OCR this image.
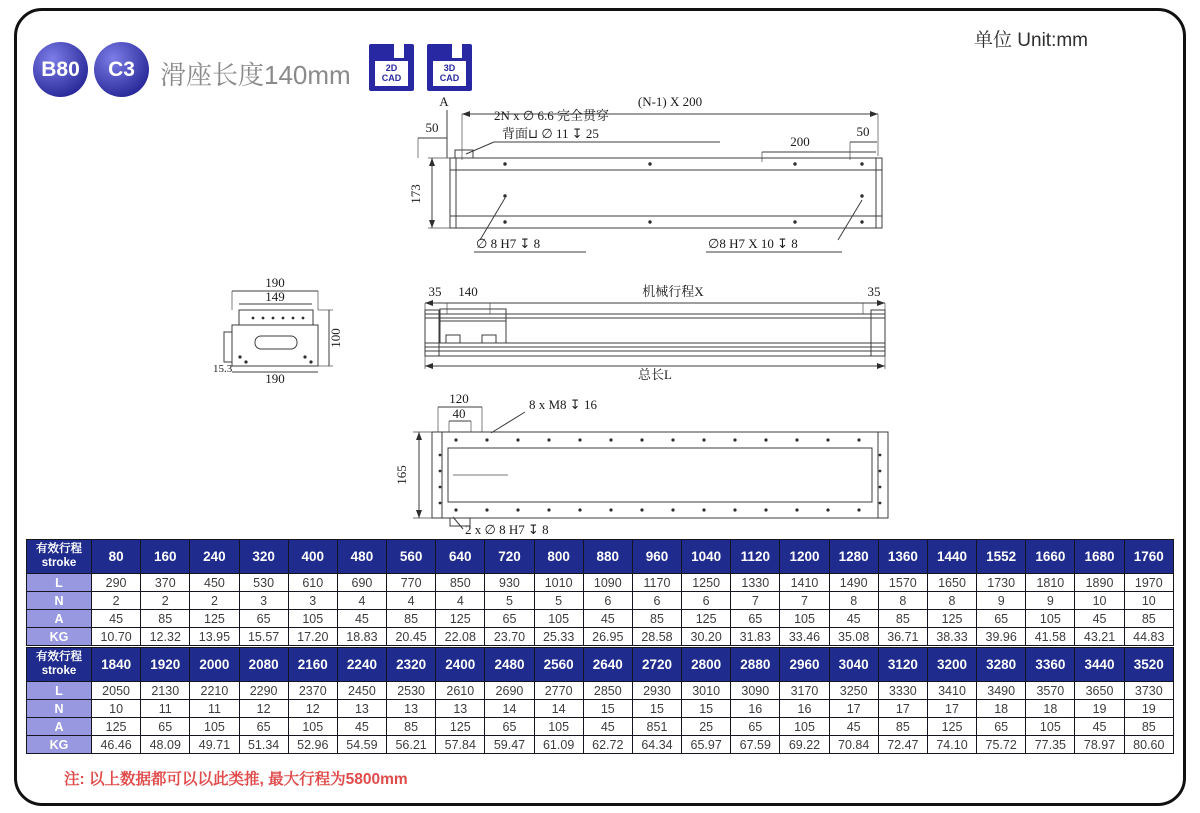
B80 C3 滑座长度140mm	2D
CAD
3D
CAD
单位 Unit:mm
A	(N-1) X 200
50
2N x ∅ 6.6 完全贯穿
背面⊔ ∅ 11 ↧ 25
200
50
173
∅ 8 H7 ↧ 8	∅8 H7 X 10 ↧ 8
190
149
100
190
15.3
35 140	机械行程X	35
总长L
120
40
8 x M8 ↧ 16
165
2 x ∅ 8 H7 ↧ 8
有效行程
stroke	80	160	240	320	400	480	560	640	720	800	880	960	1040	1120	1200	1280	1360	1440	1552	1660	1680	1760
L	290	370	450	530	610	690	770	850	930	1010	1090	1170	1250	1330	1410	1490	1570	1650	1730	1810	1890	1970
N	2	2	2	3	3	4	4	4	5	5	6	6	6	7	7	8	8	8	9	9	10	10
A	45	85	125	65	105	45	85	125	65	105	45	85	125	65	105	45	85	125	65	105	45	85
KG	10.70	12.32	13.95	15.57	17.20	18.83	20.45	22.08	23.70	25.33	26.95	28.58	30.20	31.83	33.46	35.08	36.71	38.33	39.96	41.58	43.21	44.83
有效行程
stroke	1840	1920	2000	2080	2160	2240	2320	2400	2480	2560	2640	2720	2800	2880	2960	3040	3120	3200	3280	3360	3440	3520
L	2050	2130	2210	2290	2370	2450	2530	2610	2690	2770	2850	2930	3010	3090	3170	3250	3330	3410	3490	3570	3650	3730
N	10	11	11	12	12	13	13	13	14	14	15	15	15	16	16	17	17	17	18	18	19	19
A	125	65	105	65	105	45	85	125	65	105	45	851	25	65	105	45	85	125	65	105	45	85
KG	46.46	48.09	49.71	51.34	52.96	54.59	56.21	57.84	59.47	61.09	62.72	64.34	65.97	67.59	69.22	70.84	72.47	74.10	75.72	77.35	78.97	80.60
注: 以上数据都可以以此类推, 最大行程为5800mm
